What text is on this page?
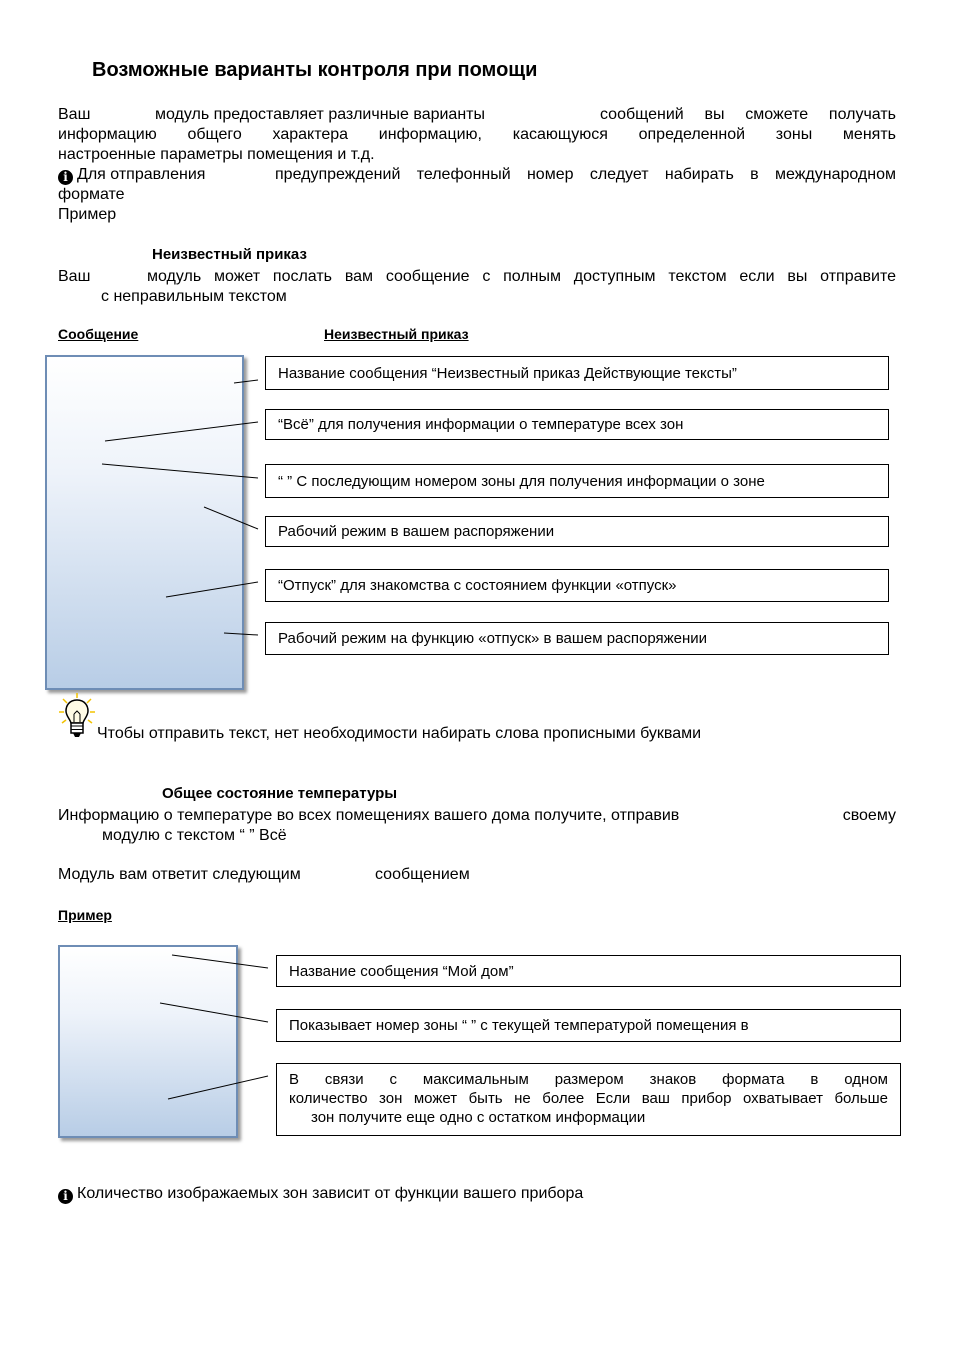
Возможные варианты контроля при помощи
Ваш	модуль предоставляет различные варианты	сообщений вы сможете получать
информацию общего характера информацию, касающуюся определенной зоны менять
настроенные параметры помещения и т.д.
i Для отправления	предупреждений телефонный номер следует набирать в международном
формате
Пример
Неизвестный приказ
Ваш	модуль может послать вам сообщение с полным доступным текстом если вы отправите
с неправильным текстом
Сообщение	Неизвестный приказ
Название сообщения “Неизвестный приказ Действующие тексты”
“Всё” для получения информации о температуре всех зон
“ ” С последующим номером зоны для получения информации о зоне
Рабочий режим в вашем распоряжении
“Отпуск” для знакомства с состоянием функции «отпуск»
Рабочий режим на функцию «отпуск» в вашем распоряжении
Чтобы отправить текст, нет необходимости набирать слова прописными буквами
Общее состояние температуры
Информацию о температуре во всех помещениях вашего дома получите, отправив	своему
модулю с текстом “ ” Всё
Модуль вам ответит следующим	сообщением
Пример
Название сообщения “Мой дом”
Показывает номер зоны “ ” с текущей температурой помещения в
В связи с максимальным размером знаков формата в одном
количество зон может быть не более Если ваш прибор охватывает больше
зон получите еще одно с остатком информации
i Количество изображаемых зон зависит от функции вашего прибора
